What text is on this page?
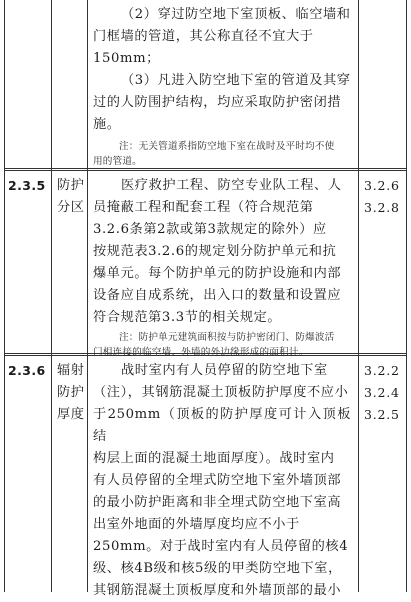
（2）穿过防空地下室顶板、临空墙和
门框墙的管道，其公称直径不宜大于
150mm；
（3）凡进入防空地下室的管道及其穿
过的人防围护结构，均应采取防护密闭措
施。
注：无关管道系指防空地下室在战时及平时均不使
用的管道。
2.3.5 防护
分区
医疗救护工程、防空专业队工程、人
员掩蔽工程和配套工程（符合规范第
3.2.6条第2款或第3款规定的除外）应
按规范表3.2.6的规定划分防护单元和抗
爆单元。每个防护单元的防护设施和内部
设备应自成系统，出入口的数量和设置应
符合规范第3.3节的相关规定。
注：防护单元建筑面积按与防护密闭门、防爆波活
门相连接的临空墙、外墙的外边缘形成的面积计。
3.2.6
3.2.8
2.3.6 辐射
防护
厚度
战时室内有人员停留的防空地下室
（注），其钢筋混凝土顶板防护厚度不应小
于250mm（顶板的防护厚度可计入顶板结
构层上面的混凝土地面厚度）。战时室内
有人员停留的全埋式防空地下室外墙顶部
的最小防护距离和非全埋式防空地下室高
出室外地面的外墙厚度均应不小于
250mm。对于战时室内有人员停留的核4
级、核4B级和核5级的甲类防空地下室，
其钢筋混凝土顶板厚度和外墙顶部的最小
3.2.2
3.2.4
3.2.5
